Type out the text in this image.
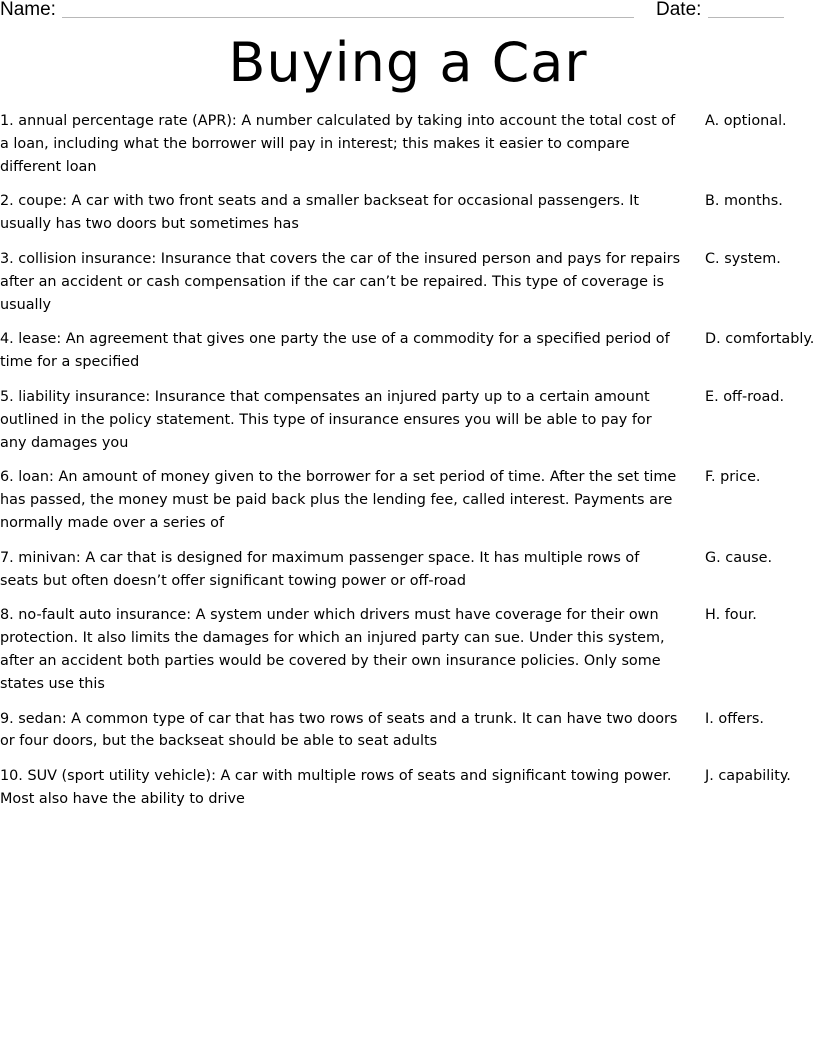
Name:	Date:
Buying a Car
1. annual percentage rate (APR): A number calculated by taking into account the total cost of a loan, including what the borrower will pay in interest; this makes it easier to compare different loan
A. optional.
2. coupe: A car with two front seats and a smaller backseat for occasional passengers. It usually has two doors but sometimes has
B. months.
3. collision insurance: Insurance that covers the car of the insured person and pays for repairs after an accident or cash compensation if the car can’t be repaired. This type of coverage is usually
C. system.
4. lease: An agreement that gives one party the use of a commodity for a specified period of time for a specified
D. comfortably.
5. liability insurance: Insurance that compensates an injured party up to a certain amount outlined in the policy statement. This type of insurance ensures you will be able to pay for any damages you
E. off-road.
6. loan: An amount of money given to the borrower for a set period of time. After the set time has passed, the money must be paid back plus the lending fee, called interest. Payments are normally made over a series of
F. price.
7. minivan: A car that is designed for maximum passenger space. It has multiple rows of seats but often doesn’t offer significant towing power or off-road
G. cause.
8. no-fault auto insurance: A system under which drivers must have coverage for their own protection. It also limits the damages for which an injured party can sue. Under this system, after an accident both parties would be covered by their own insurance policies. Only some states use this
H. four.
9. sedan: A common type of car that has two rows of seats and a trunk. It can have two doors or four doors, but the backseat should be able to seat adults
I. offers.
10. SUV (sport utility vehicle): A car with multiple rows of seats and significant towing power. Most also have the ability to drive
J. capability.
